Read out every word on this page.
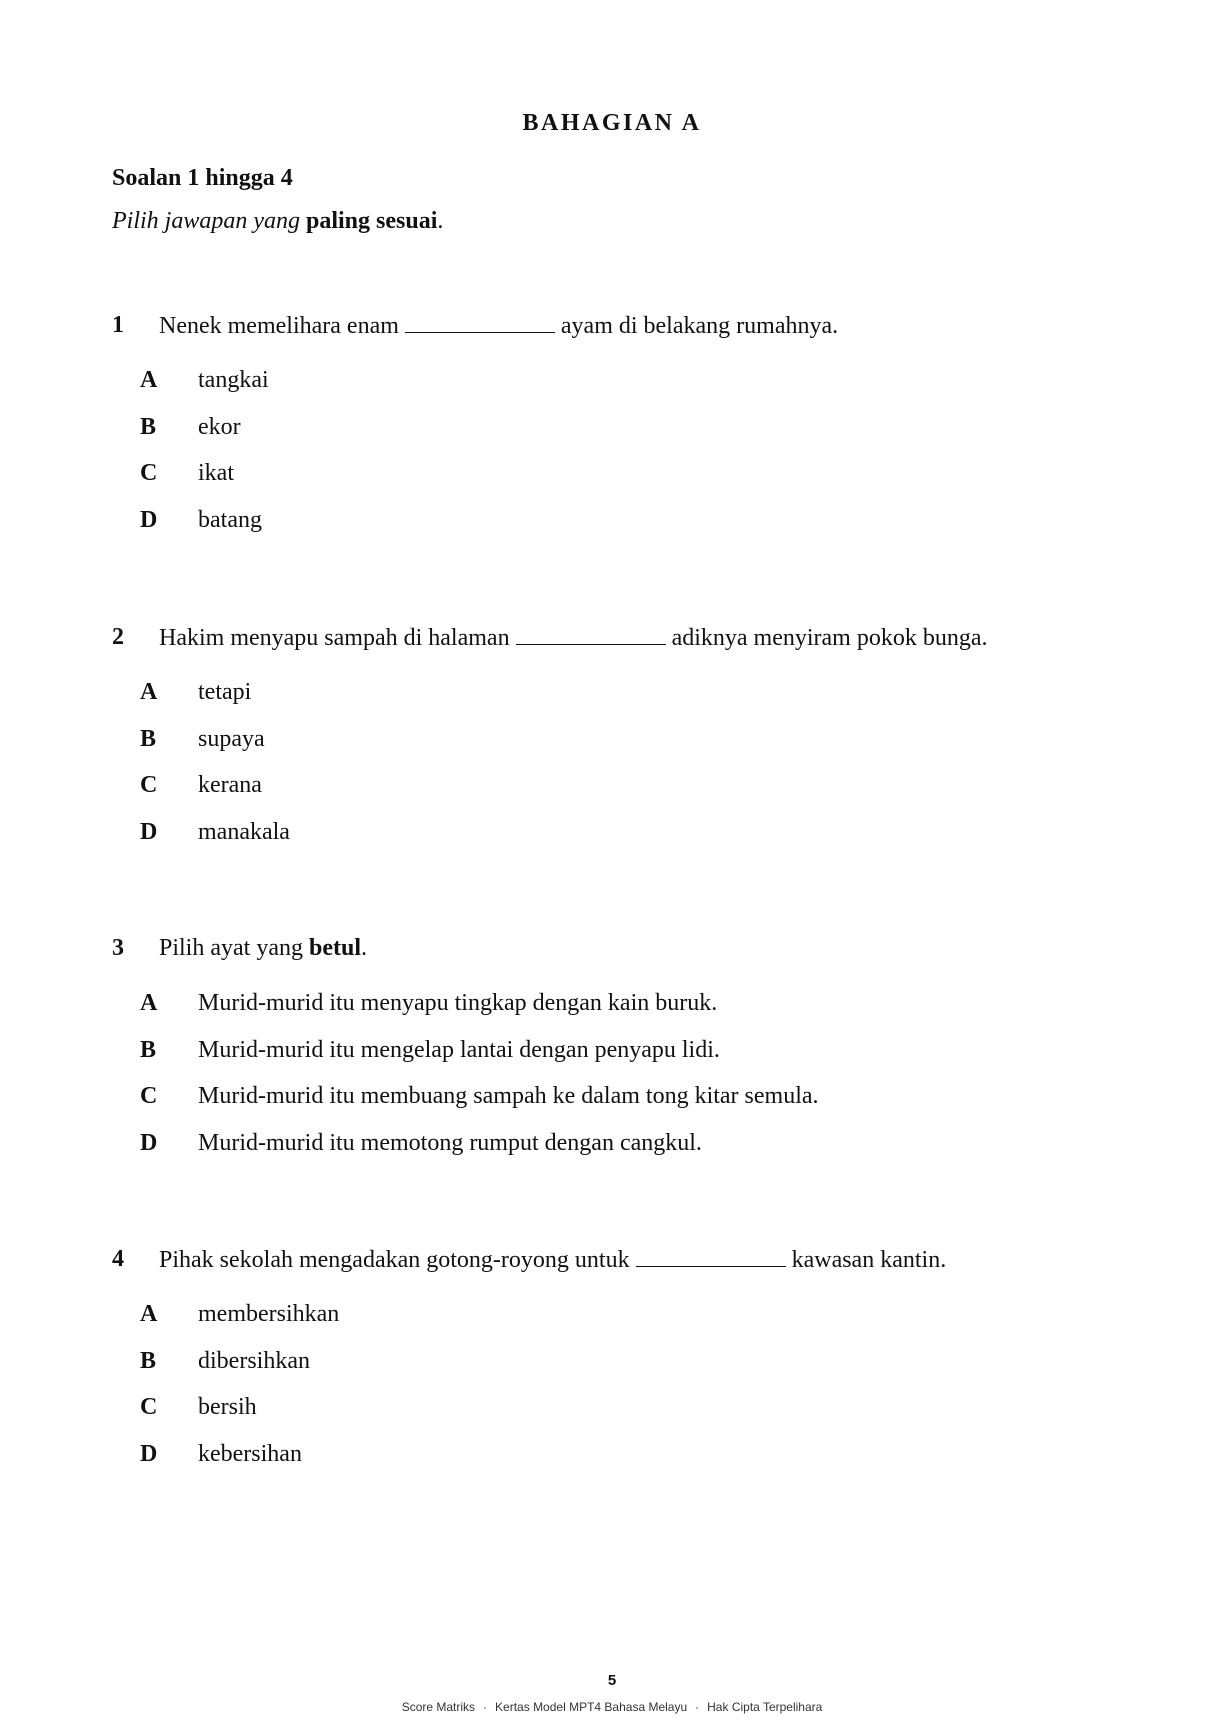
BAHAGIAN A

Soalan 1 hingga 4

Pilih jawapan yang paling sesuai.

1 Nenek memelihara enam	ayam di belakang rumahnya.
A	tangkai
B	ekor
C	ikat
D	batang
2 Hakim menyapu sampah di halaman	adiknya menyiram pokok bunga.
A	tetapi
B	supaya
C	kerana
D	manakala
3 Pilih ayat yang betul.
A	Murid-murid itu menyapu tingkap dengan kain buruk.
B	Murid-murid itu mengelap lantai dengan penyapu lidi.
C	Murid-murid itu membuang sampah ke dalam tong kitar semula.
D	Murid-murid itu memotong rumput dengan cangkul.
4 Pihak sekolah mengadakan gotong-royong untuk	kawasan kantin.
A	membersihkan
B	dibersihkan
C	bersih
D	kebersihan

5

Score Matriks · Kertas Model MPT4 Bahasa Melayu · Hak Cipta Terpelihara
